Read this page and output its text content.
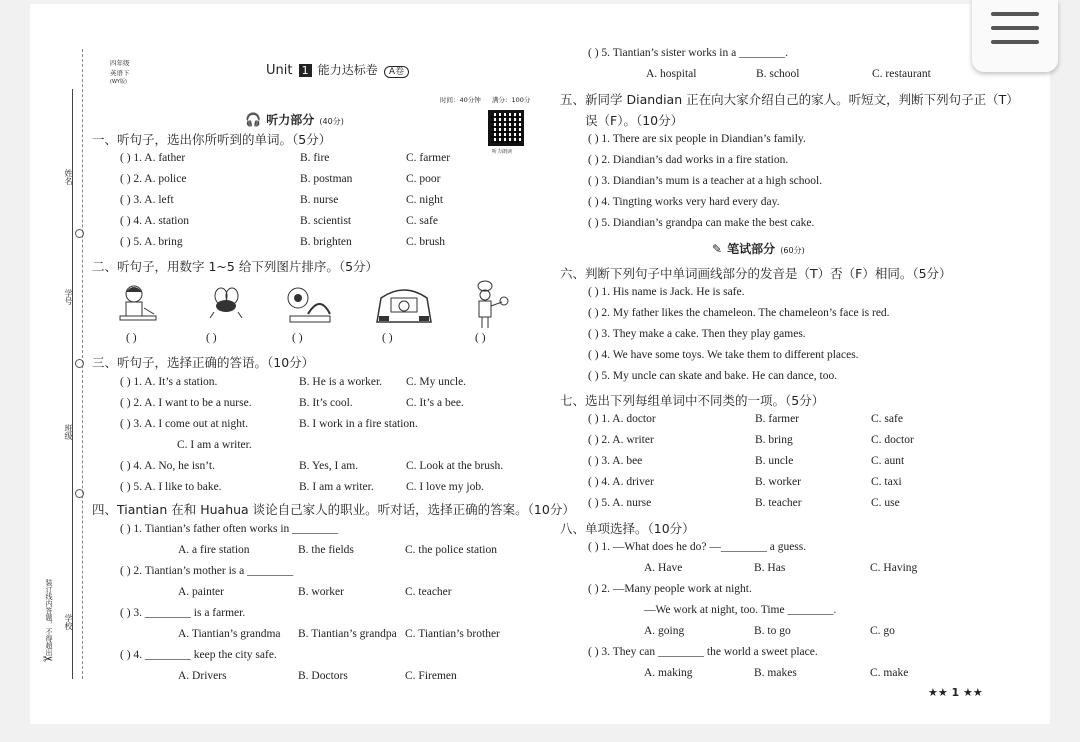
姓名
学号
班级
学校
装订线内答题，不得超出
✂
四年级
英语下
(WY版)
Unit 1 能力达标卷 A卷
时间：40分钟 满分：100分
听力朗读
🎧 听力部分 (40分)
一、听句子，选出你所听到的单词。（5分）
( ) 1. A. father	B. fire	C. farmer
( ) 2. A. police	B. postman	C. poor
( ) 3. A. left	B. nurse	C. night
( ) 4. A. station	B. scientist	C. safe
( ) 5. A. bring	B. brighten	C. brush
二、听句子，用数字 1~5 给下列图片排序。（5分）
( )	( )	( )	( )	( )
三、听句子，选择正确的答语。（10分）
( ) 1. A. It’s a station.	B. He is a worker. C. My uncle.
( ) 2. A. I want to be a nurse.	B. It’s cool.	C. It’s a bee.
( ) 3. A. I come out at night.	B. I work in a fire station.
C. I am a writer.
( ) 4. A. No, he isn’t.	B. Yes, I am.	C. Look at the brush.
( ) 5. A. I like to bake.	B. I am a writer.	C. I love my job.
四、Tiantian 在和 Huahua 谈论自己家人的职业。听对话，选择正确的答案。（10分）
( ) 1. Tiantian’s father often works in ________
A. a fire station	B. the fields	C. the police station
( ) 2. Tiantian’s mother is a ________
A. painter	B. worker	C. teacher
( ) 3. ________ is a farmer.
A. Tiantian’s grandma B. Tiantian’s grandpa C. Tiantian’s brother
( ) 4. ________ keep the city safe.
A. Drivers	B. Doctors	C. Firemen
( ) 5. Tiantian’s sister works in a ________.
A. hospital	B. school	C. restaurant
五、新同学 Diandian 正在向大家介绍自己的家人。听短文，判断下列句子正（T）
误（F）。（10分）
( ) 1. There are six people in Diandian’s family.
( ) 2. Diandian’s dad works in a fire station.
( ) 3. Diandian’s mum is a teacher at a high school.
( ) 4. Tingting works very hard every day.
( ) 5. Diandian’s grandpa can make the best cake.
✎ 笔试部分 (60分)
六、判断下列句子中单词画线部分的发音是（T）否（F）相同。（5分）
( ) 1. His name is Jack. He is safe.
( ) 2. My father likes the chameleon. The chameleon’s face is red.
( ) 3. They make a cake. Then they play games.
( ) 4. We have some toys. We take them to different places.
( ) 5. My uncle can skate and bake. He can dance, too.
七、选出下列每组单词中不同类的一项。（5分）
( ) 1. A. doctor	B. farmer	C. safe
( ) 2. A. writer	B. bring	C. doctor
( ) 3. A. bee	B. uncle	C. aunt
( ) 4. A. driver	B. worker	C. taxi
( ) 5. A. nurse	B. teacher	C. use
八、单项选择。（10分）
( ) 1. —What does he do? —________ a guess.
A. Have	B. Has	C. Having
( ) 2. —Many people work at night.
—We work at night, too. Time ________.
A. going	B. to go	C. go
( ) 3. They can ________ the world a sweet place.
A. making	B. makes	C. make
★★ 1 ★★
